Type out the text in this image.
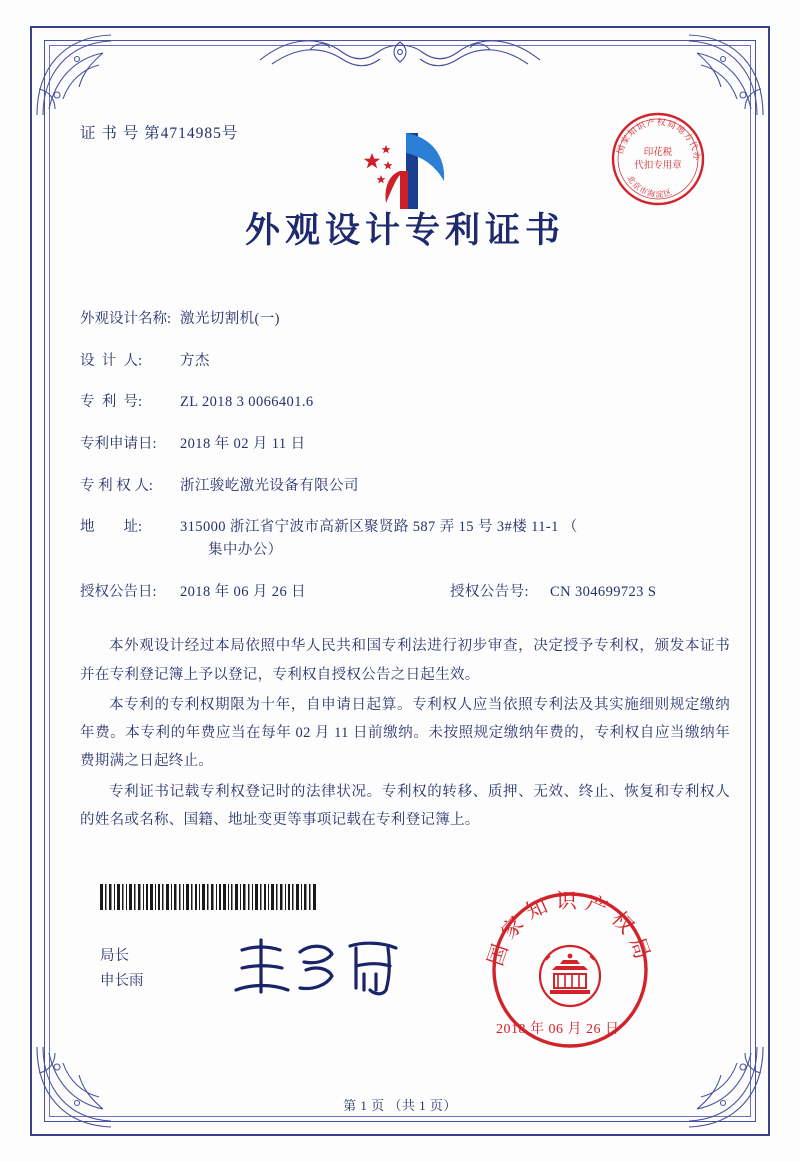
国家知识产权局地方代办
北京市海淀区
印花税
代扣专用章
证 书 号 第4714985号
外观设计专利证书
外观设计名称: 激光切割机(一)
设  计  人:	方杰
专  利  号:	ZL 2018 3 0066401.6
专利申请日:	2018 年 02 月 11 日
专 利 权 人:	浙江骏屹激光设备有限公司
地        址:	315000 浙江省宁波市高新区聚贤路 587 弄 15 号 3#楼 11-1 （
集中办公）
授权公告日:	2018 年 06 月 26 日	授权公告号:	CN 304699723 S

本外观设计经过本局依照中华人民共和国专利法进行初步审查，决定授予专利权，颁发本证书并在专利登记簿上予以登记，专利权自授权公告之日起生效。

本专利的专利权期限为十年，自申请日起算。专利权人应当依照专利法及其实施细则规定缴纳年费。本专利的年费应当在每年 02 月 11 日前缴纳。未按照规定缴纳年费的，专利权自应当缴纳年费期满之日起终止。

专利证书记载专利权登记时的法律状况。专利权的转移、质押、无效、终止、恢复和专利权人的姓名或名称、国籍、地址变更等事项记载在专利登记簿上。

局长
申长雨
国家知识产权局
2018 年 06 月 26 日
第 1 页 （共 1 页）
